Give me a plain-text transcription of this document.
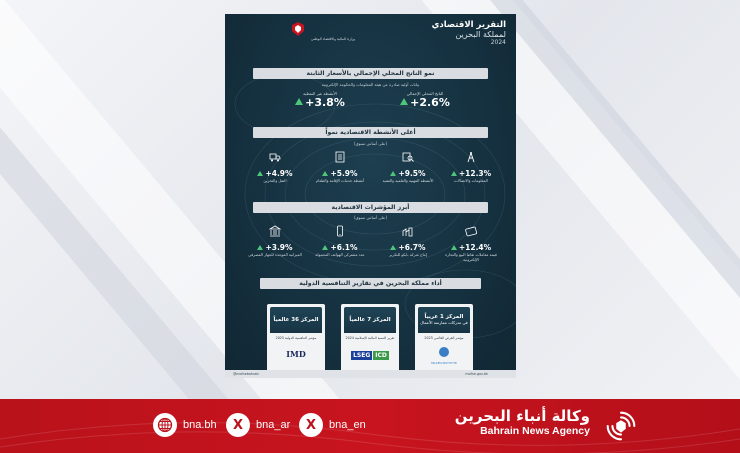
وزارة المالية والاقتصاد الوطني
التقرير الاقتصادي
لمملكة البحرين
2024
نمو الناتج المحلي الإجمالي بالأسعار الثابتة
بيانات أولية صادرة عن هيئة المعلومات والحكومة الإلكترونية
الناتج المحلي الإجمالي
+2.6%
الأنشطة غير النفطية
+3.8%
أعلى الأنشطة الاقتصادية نمواً
(على أساس سنوي)
+12.3%
المعلومات والاتصالات
+9.5%
الأنشطة المهنية والعلمية والتقنية
+5.9%
أنشطة خدمات الإقامة والطعام
+4.9%
النقل والتخزين
أبرز المؤشرات الاقتصادية
(على أساس سنوي)
+12.4%
قيمة معاملات نقاط البيع والتجارة الإلكترونية
+6.7%
إنتاج شركة بابكو للتكرير
+6.1%
عدد مشتركي الهواتف المحمولة
+3.9%
الميزانية الموحدة للجهاز المصرفي
أداء مملكة البحرين في تقارير التنافسية الدولية
المركز 1 عربياً
في مدركات ممارسة الأعمال
مؤشر الفرص العالمي 2025
MILKEN INSTITUTE
المركز 7 عالمياً
تقرير التنمية المالية الإسلامية 2024
LSEG ICD
المركز 36 عالمياً
مؤشر التنافسية الدولية 2025
IMD
@mofnebahrain	mofne.gov.bh
bna.bh	X	bna_ar	X	bna_en	وكالة أنباء البحرين
Bahrain News Agency
